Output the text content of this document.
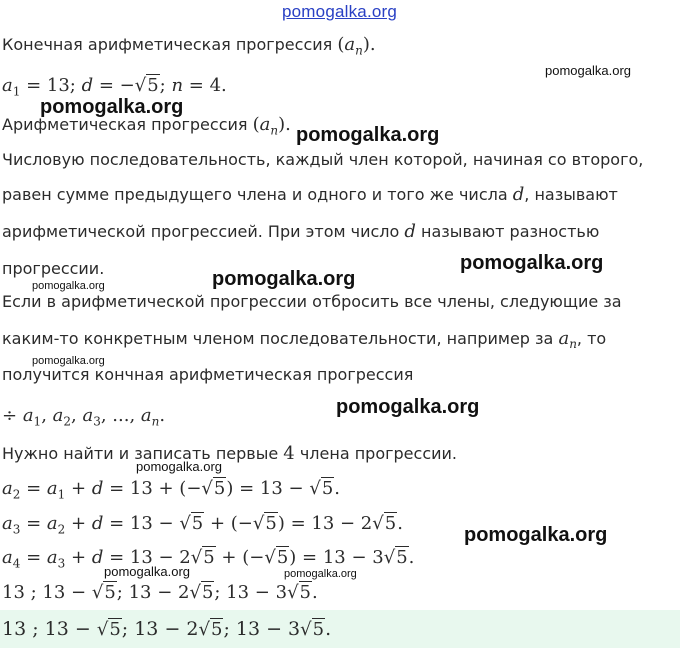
pomogalka.org
Конечная арифметическая прогрессия $(a_n)$.
$a_1 = 13$; d = −√5; n = 4.
Арифметическая прогрессия $(a_n)$.
Числовую последовательность, каждый член которой, начиная со второго,
равен сумме предыдущего члена и одного и того же числа d, называют
арифметической прогрессией. При этом число d называют разностью
прогрессии.
Если в арифметической прогрессии отбросить все члены, следующие за
каким-то конкретным членом последовательности, например за $a_n$, то
получится кончная арифметическая прогрессия
÷ $a_1$, $a_2$, $a_3$, ..., $a_n$.
Нужно найти и записать первые 4 члена прогрессии.
$a_2 = a_1 + d = 13 + (-√5) = 13 - √5$.
$a_3 = a_2 + d = 13 - √5 + (-√5) = 13 - 2√5$.
$a_4 = a_3 + d = 13 - 2√5 + (-√5) = 13 - 3√5$.
13 ; 13 − √5; 13 − 2√5; 13 − 3√5.
13 ; 13 − √5; 13 − 2√5; 13 − 3√5.
pomogalka.org
pomogalka.org
pomogalka.org
pomogalka.org
pomogalka.org
pomogalka.org
pomogalka.org
pomogalka.org
pomogalka.org
pomogalka.org
pomogalka.org	pomogalka.org
